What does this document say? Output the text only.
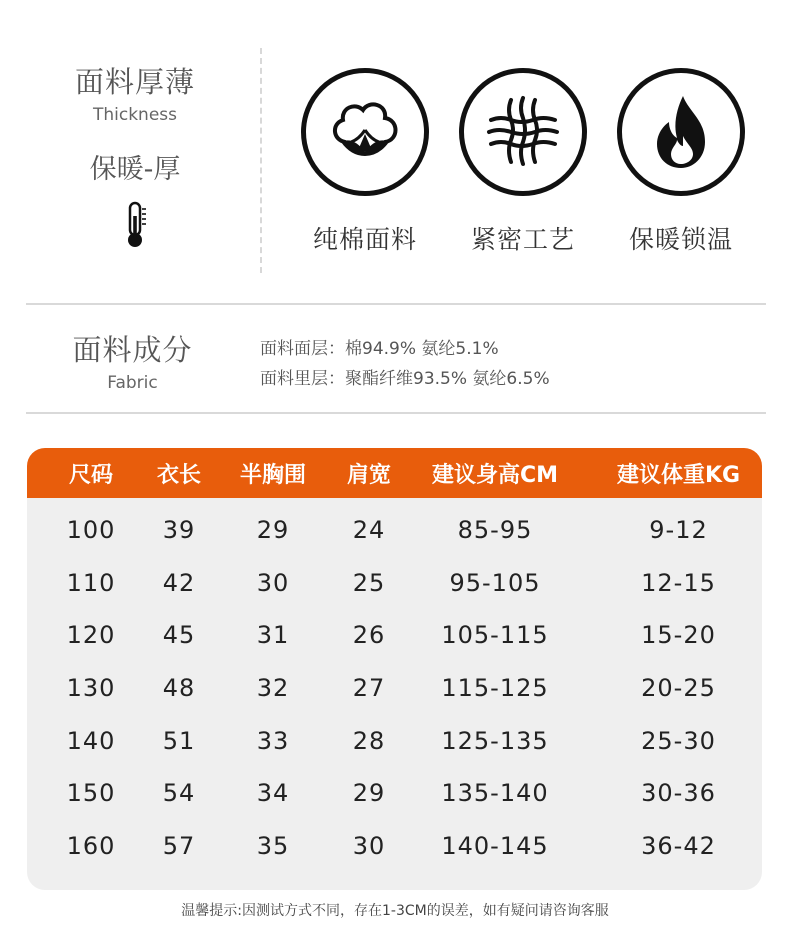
面料厚薄
Thickness
保暖-厚
纯棉面料	紧密工艺	保暖锁温
面料成分
Fabric
面料面层：棉94.9% 氨纶5.1%
面料里层：聚酯纤维93.5% 氨纶6.5%
尺码	衣长	半胸围	肩宽	建议身高CM	建议体重KG
100	39	29	24	85-95	9-12
110	42	30	25	95-105	12-15
120	45	31	26	105-115	15-20
130	48	32	27	115-125	20-25
140	51	33	28	125-135	25-30
150	54	34	29	135-140	30-36
160	57	35	30	140-145	36-42
温馨提示:因测试方式不同，存在1-3CM的误差，如有疑问请咨询客服
